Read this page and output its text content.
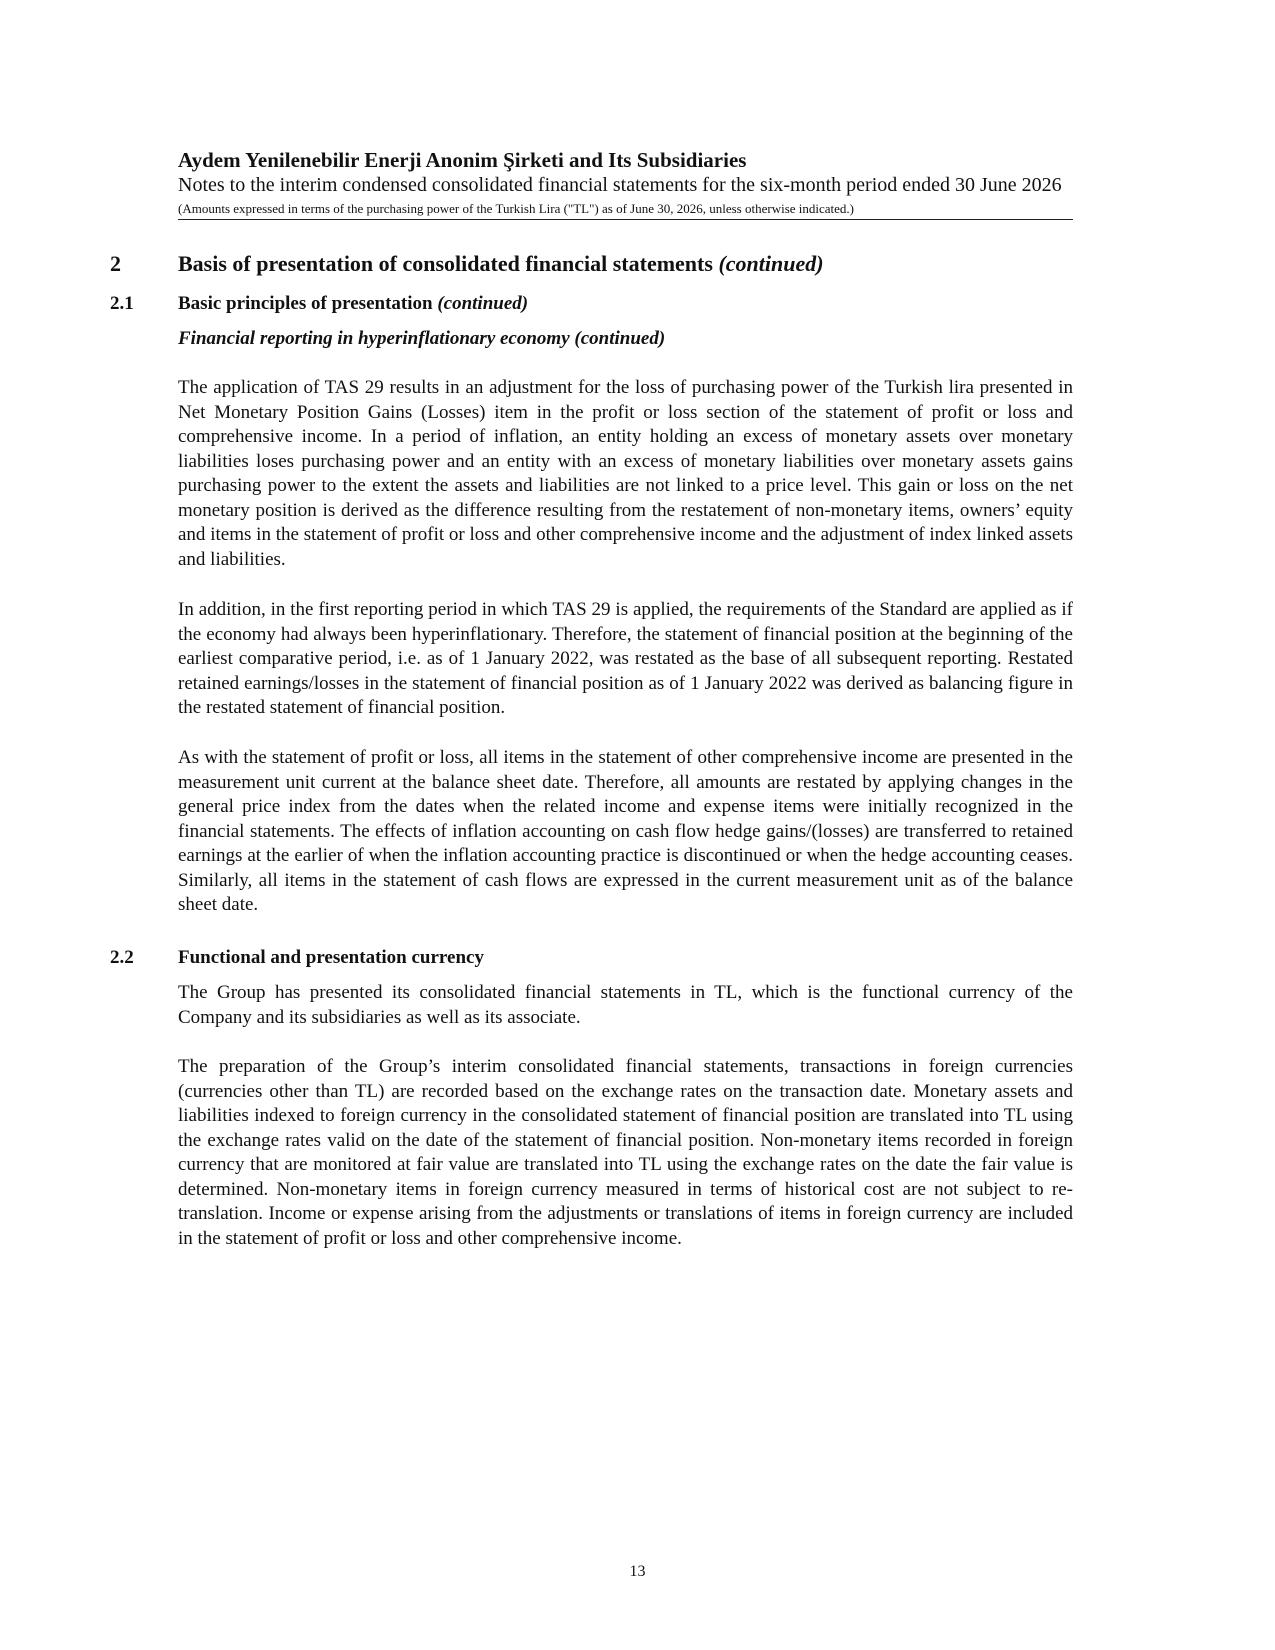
Aydem Yenilenebilir Enerji Anonim Şirketi and Its Subsidiaries
Notes to the interim condensed consolidated financial statements for the six-month period ended 30 June 2026
(Amounts expressed in terms of the purchasing power of the Turkish Lira ("TL") as of June 30, 2026, unless otherwise indicated.)
2	Basis of presentation of consolidated financial statements (continued)
2.1 Basic principles of presentation (continued)
Financial reporting in hyperinflationary economy (continued)

The application of TAS 29 results in an adjustment for the loss of purchasing power of the Turkish lira presented in Net Monetary Position Gains (Losses) item in the profit or loss section of the statement of profit or loss and comprehensive income. In a period of inflation, an entity holding an excess of monetary assets over monetary liabilities loses purchasing power and an entity with an excess of monetary liabilities over monetary assets gains purchasing power to the extent the assets and liabilities are not linked to a price level. This gain or loss on the net monetary position is derived as the difference resulting from the restatement of non-monetary items, owners’ equity and items in the statement of profit or loss and other comprehensive income and the adjustment of index linked assets and liabilities.

In addition, in the first reporting period in which TAS 29 is applied, the requirements of the Standard are applied as if the economy had always been hyperinflationary. Therefore, the statement of financial position at the beginning of the earliest comparative period, i.e. as of 1 January 2022, was restated as the base of all subsequent reporting. Restated retained earnings/losses in the statement of financial position as of 1 January 2022 was derived as balancing figure in the restated statement of financial position.

As with the statement of profit or loss, all items in the statement of other comprehensive income are presented in the measurement unit current at the balance sheet date. Therefore, all amounts are restated by applying changes in the general price index from the dates when the related income and expense items were initially recognized in the financial statements. The effects of inflation accounting on cash flow hedge gains/(losses) are transferred to retained earnings at the earlier of when the inflation accounting practice is discontinued or when the hedge accounting ceases. Similarly, all items in the statement of cash flows are expressed in the current measurement unit as of the balance sheet date.

2.2 Functional and presentation currency

The Group has presented its consolidated financial statements in TL, which is the functional currency of the Company and its subsidiaries as well as its associate.

The preparation of the Group’s interim consolidated financial statements, transactions in foreign currencies (currencies other than TL) are recorded based on the exchange rates on the transaction date. Monetary assets and liabilities indexed to foreign currency in the consolidated statement of financial position are translated into TL using the exchange rates valid on the date of the statement of financial position. Non-monetary items recorded in foreign currency that are monitored at fair value are translated into TL using the exchange rates on the date the fair value is determined. Non-monetary items in foreign currency measured in terms of historical cost are not subject to re-translation. Income or expense arising from the adjustments or translations of items in foreign currency are included in the statement of profit or loss and other comprehensive income.

13
